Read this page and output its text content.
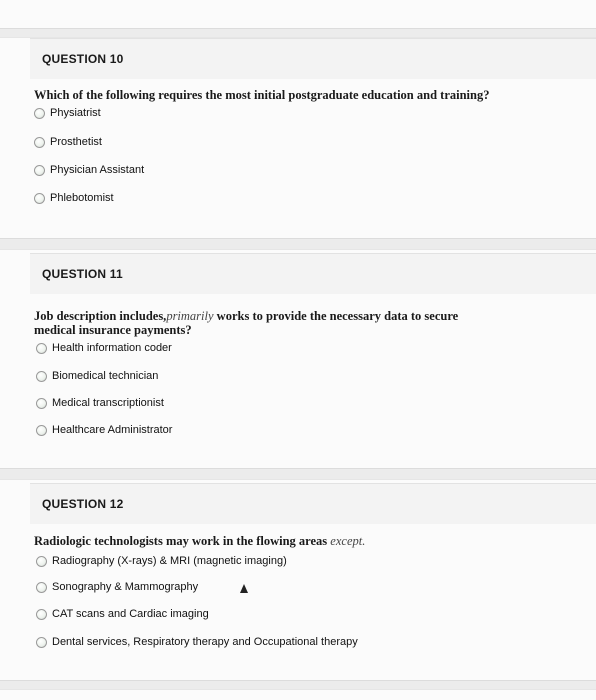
QUESTION 10
Which of the following requires the most initial postgraduate education and training?
Physiatrist
Prosthetist
Physician Assistant
Phlebotomist
QUESTION 11
Job description includes,primarily works to provide the necessary data to secure medical insurance payments?
Health information coder
Biomedical technician
Medical transcriptionist
Healthcare Administrator
QUESTION 12
Radiologic technologists may work in the flowing areas except.
Radiography (X-rays) & MRI (magnetic imaging)
Sonography & Mammography
CAT scans and Cardiac imaging
Dental services, Respiratory therapy and Occupational therapy
